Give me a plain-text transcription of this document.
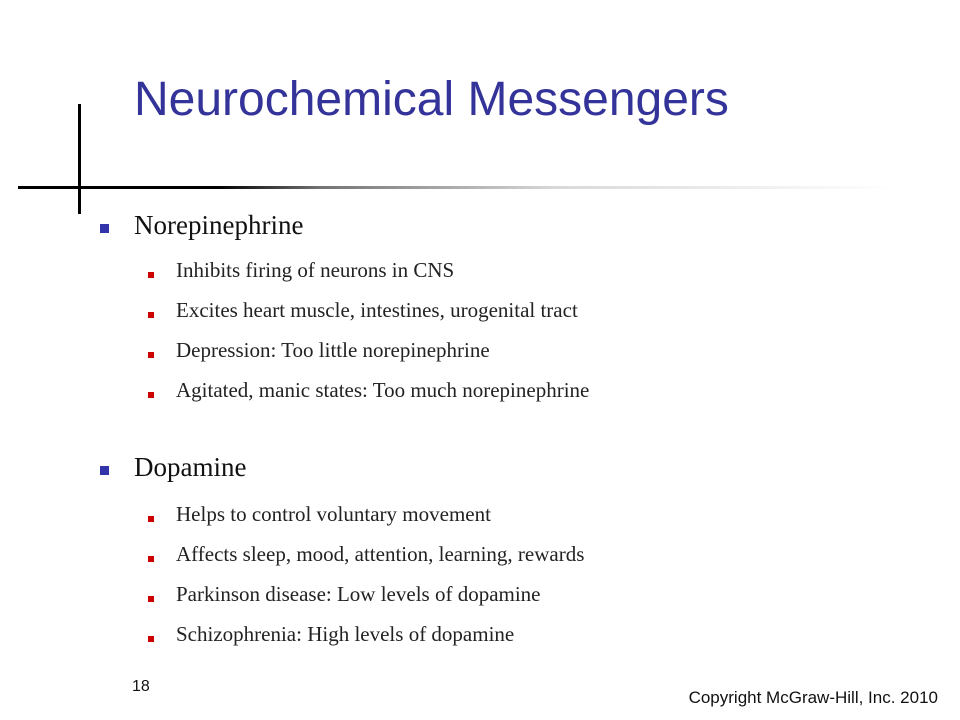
Neurochemical Messengers
Norepinephrine
Inhibits firing of neurons in CNS
Excites heart muscle, intestines, urogenital tract
Depression: Too little norepinephrine
Agitated, manic states: Too much norepinephrine
Dopamine
Helps to control voluntary movement
Affects sleep, mood, attention, learning, rewards
Parkinson disease: Low levels of dopamine
Schizophrenia: High levels of dopamine
18
Copyright McGraw-Hill, Inc. 2010
